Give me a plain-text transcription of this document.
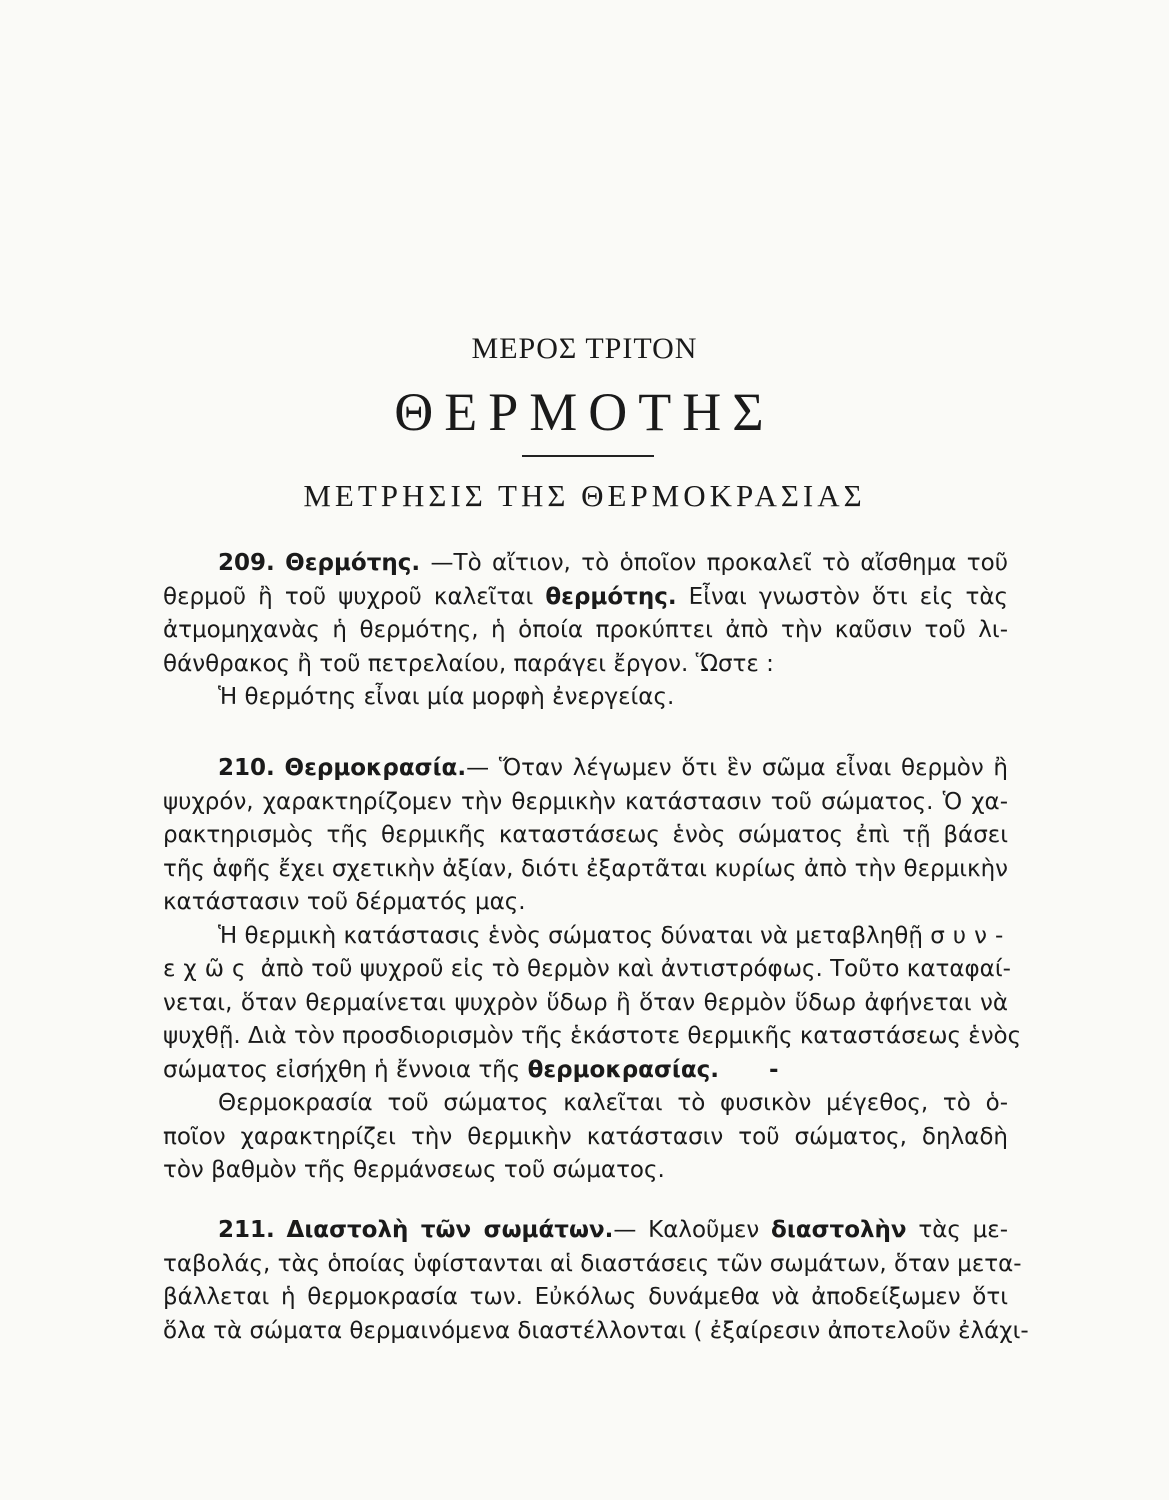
ΜΕΡΟΣ ΤΡΙΤΟΝ
ΘΕΡΜΟΤΗΣ
ΜΕΤΡΗΣΙΣ ΤΗΣ ΘΕΡΜΟΚΡΑΣΙΑΣ
209. Θερμότης. —Τὸ αἴτιον, τὸ ὁποῖον προκαλεῖ τὸ αἴσθημα τοῦ
θερμοῦ ἢ τοῦ ψυχροῦ καλεῖται θερμότης. Εἶναι γνωστὸν ὅτι εἰς τὰς
ἀτμομηχανὰς ἡ θερμότης, ἡ ὁποία προκύπτει ἀπὸ τὴν καῦσιν τοῦ λι-
θάνθρακος ἢ τοῦ πετρελαίου, παράγει ἔργον. Ὥστε :
Ἡ θερμότης εἶναι μία μορφὴ ἐνεργείας.
210. Θερμοκρασία.— Ὅταν λέγωμεν ὅτι ἓν σῶμα εἶναι θερμὸν ἢ
ψυχρόν, χαρακτηρίζομεν τὴν θερμικὴν κατάστασιν τοῦ σώματος. Ὁ χα-
ρακτηρισμὸς τῆς θερμικῆς καταστάσεως ἑνὸς σώματος ἐπὶ τῇ βάσει
τῆς ἁφῆς ἔχει σχετικὴν ἀξίαν, διότι ἐξαρτᾶται κυρίως ἀπὸ τὴν θερμικὴν
κατάστασιν τοῦ δέρματός μας.
Ἡ θερμικὴ κατάστασις ἑνὸς σώματος δύναται νὰ μεταβληθῇ συν-
εχῶς ἀπὸ τοῦ ψυχροῦ εἰς τὸ θερμὸν καὶ ἀντιστρόφως. Τοῦτο καταφαί-
νεται, ὅταν θερμαίνεται ψυχρὸν ὕδωρ ἢ ὅταν θερμὸν ὕδωρ ἀφήνεται νὰ
ψυχθῇ. Διὰ τὸν προσδιορισμὸν τῆς ἑκάστοτε θερμικῆς καταστάσεως ἑνὸς
σώματος εἰσήχθη ἡ ἔννοια τῆς θερμοκρασίας. -
Θερμοκρασία τοῦ σώματος καλεῖται τὸ φυσικὸν μέγεθος, τὸ ὁ-
ποῖον χαρακτηρίζει τὴν θερμικὴν κατάστασιν τοῦ σώματος, δηλαδὴ
τὸν βαθμὸν τῆς θερμάνσεως τοῦ σώματος.
211. Διαστολὴ τῶν σωμάτων.— Καλοῦμεν διαστολὴν τὰς με-
ταβολάς, τὰς ὁποίας ὑφίστανται αἱ διαστάσεις τῶν σωμάτων, ὅταν μετα-
βάλλεται ἡ θερμοκρασία των. Εὐκόλως δυνάμεθα νὰ ἀποδείξωμεν ὅτι
ὅλα τὰ σώματα θερμαινόμενα διαστέλλονται ( ἐξαίρεσιν ἀποτελοῦν ἐλάχι-
